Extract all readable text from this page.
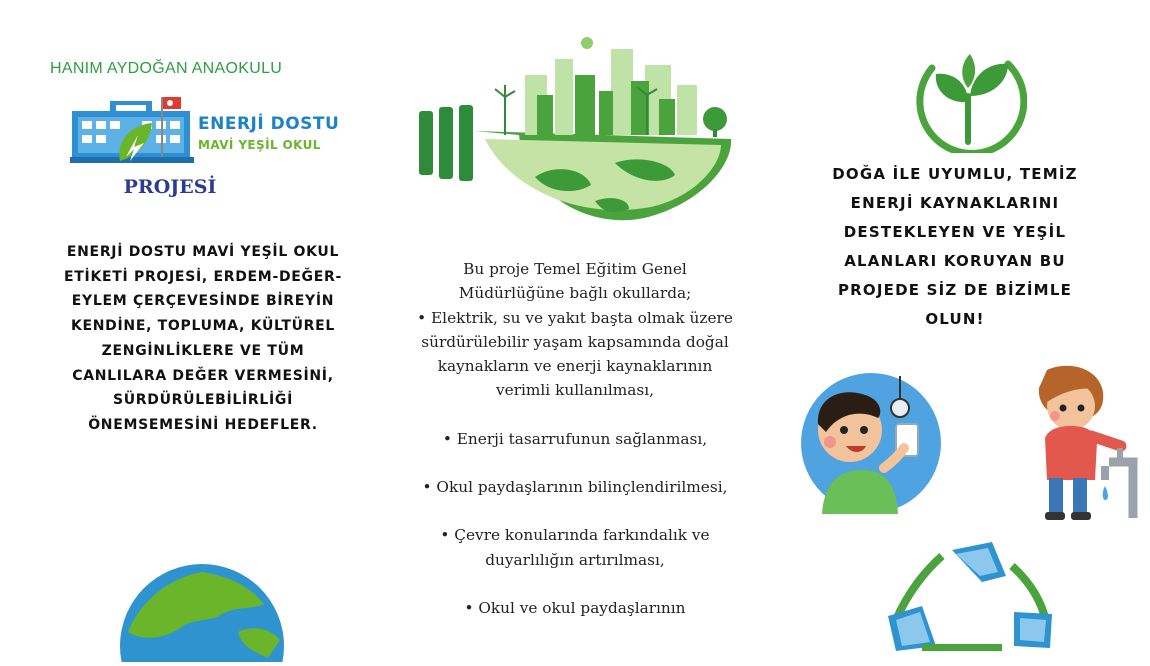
HANIM AYDOĞAN ANAOKULU
ENERJİ DOSTU
MAVİ YEŞİL OKUL
PROJESİ
ENERJİ DOSTU MAVİ YEŞİL OKUL ETİKETİ PROJESİ, ERDEM-DEĞER-EYLEM ÇERÇEVESİNDE BİREYİN KENDİNE, TOPLUMA, KÜLTÜREL ZENGİNLİKLERE VE TÜM CANLILARA DEĞER VERMESİNİ, SÜRDÜRÜLEBİLİRLİĞİ ÖNEMSEMESİNİ HEDEFLER.

Bu proje Temel Eğitim Genel Müdürlüğüne bağlı okullarda;

• Elektrik, su ve yakıt başta olmak üzere sürdürülebilir yaşam kapsamında doğal kaynakların ve enerji kaynaklarının verimli kullanılması,

• Enerji tasarrufunun sağlanması,

• Okul paydaşlarının bilinçlendirilmesi,

• Çevre konularında farkındalık ve duyarlılığın artırılması,

• Okul ve okul paydaşlarının

DOĞA İLE UYUMLU, TEMİZ ENERJİ KAYNAKLARINI DESTEKLEYEN VE YEŞİL ALANLARI KORUYAN BU PROJEDE SİZ DE BİZİMLE OLUN!
